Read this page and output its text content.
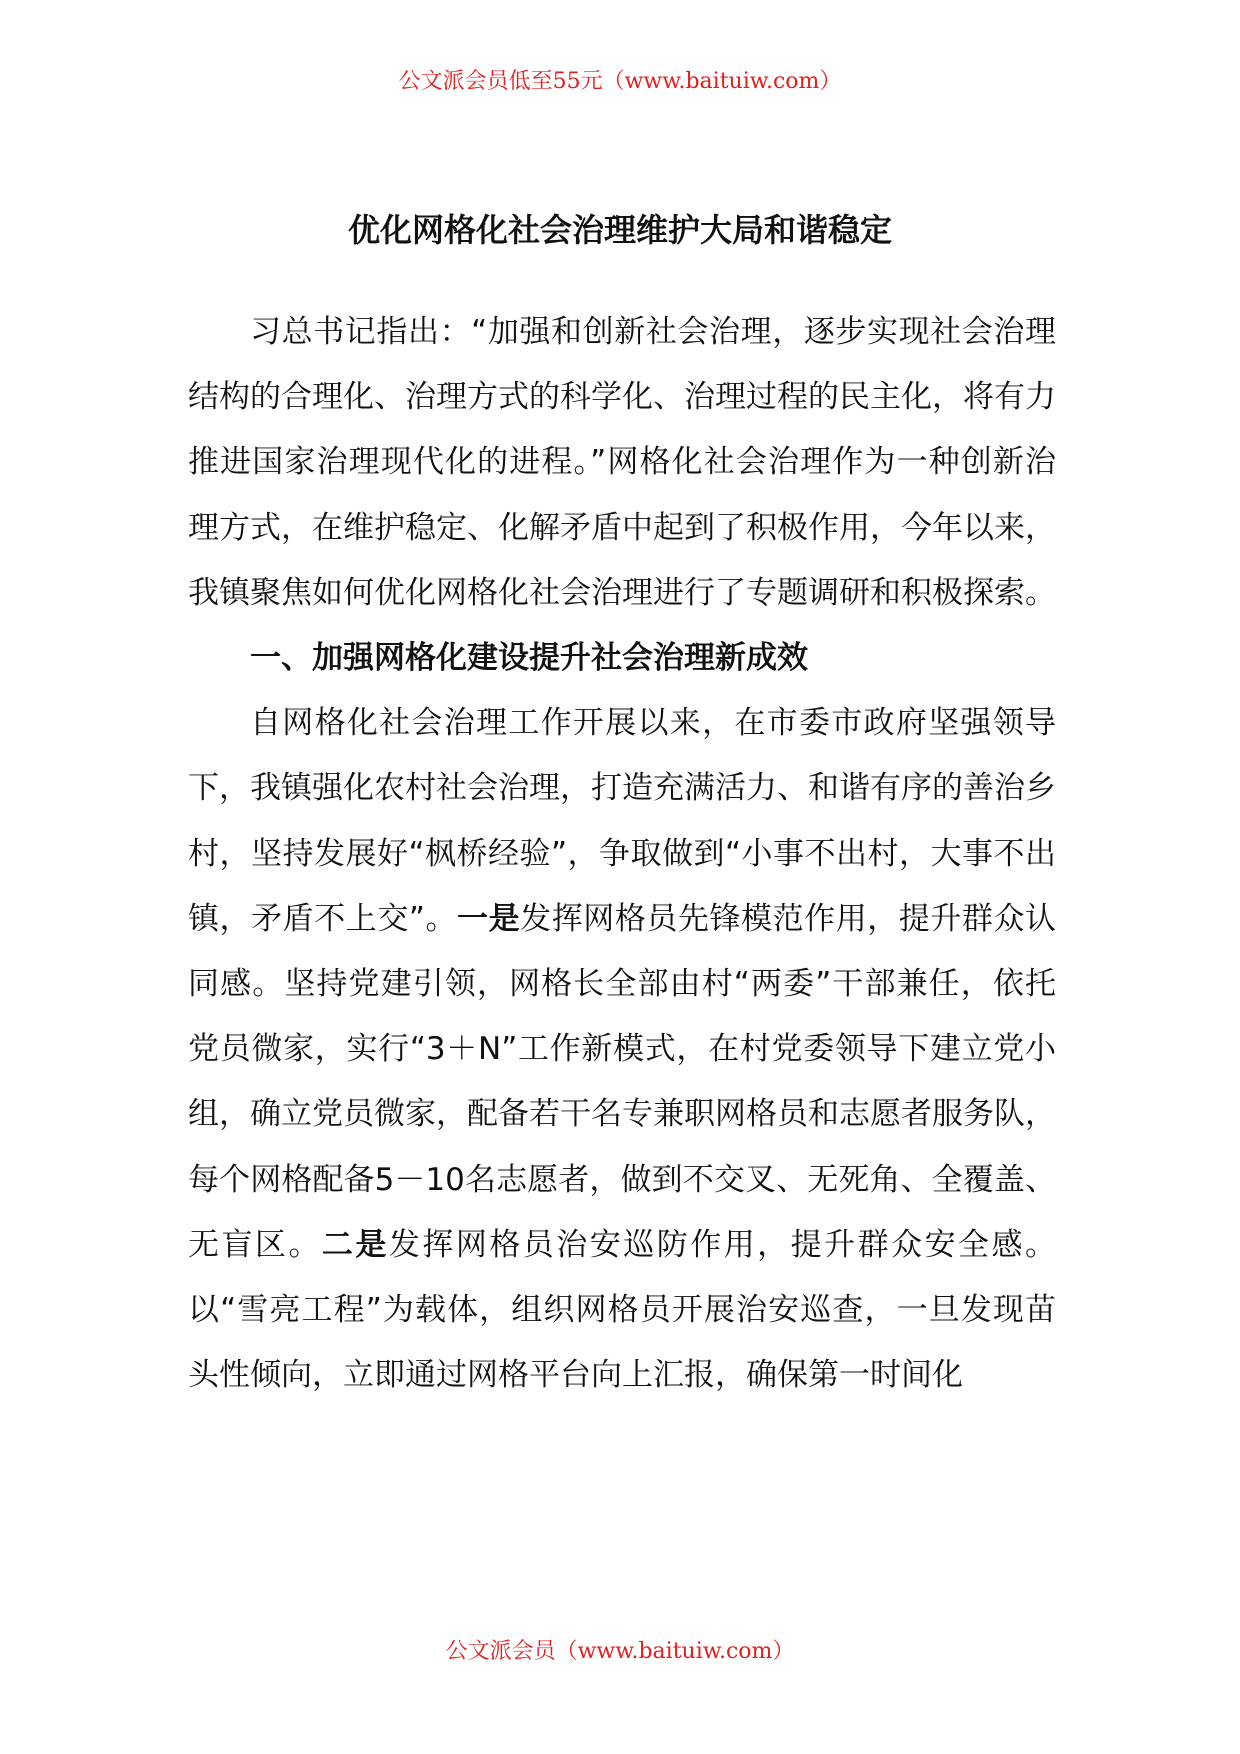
公文派会员低至55元（www.baituiw.com）
优化网格化社会治理维护大局和谐稳定

习总书记指出：“加强和创新社会治理，逐步实现社会治理结构的合理化、治理方式的科学化、治理过程的民主化，将有力推进国家治理现代化的进程。”网格化社会治理作为一种创新治理方式，在维护稳定、化解矛盾中起到了积极作用，今年以来，我镇聚焦如何优化网格化社会治理进行了专题调研和积极探索。

一、加强网格化建设提升社会治理新成效

自网格化社会治理工作开展以来，在市委市政府坚强领导下，我镇强化农村社会治理，打造充满活力、和谐有序的善治乡村，坚持发展好“枫桥经验”，争取做到“小事不出村，大事不出镇，矛盾不上交”。一是发挥网格员先锋模范作用，提升群众认同感。坚持党建引领，网格长全部由村“两委”干部兼任，依托党员微家，实行“3＋N”工作新模式，在村党委领导下建立党小组，确立党员微家，配备若干名专兼职网格员和志愿者服务队，每个网格配备5－10名志愿者，做到不交叉、无死角、全覆盖、无盲区。二是发挥网格员治安巡防作用，提升群众安全感。以“雪亮工程”为载体，组织网格员开展治安巡查，一旦发现苗头性倾向，立即通过网格平台向上汇报，确保第一时间化

公文派会员（www.baituiw.com）
